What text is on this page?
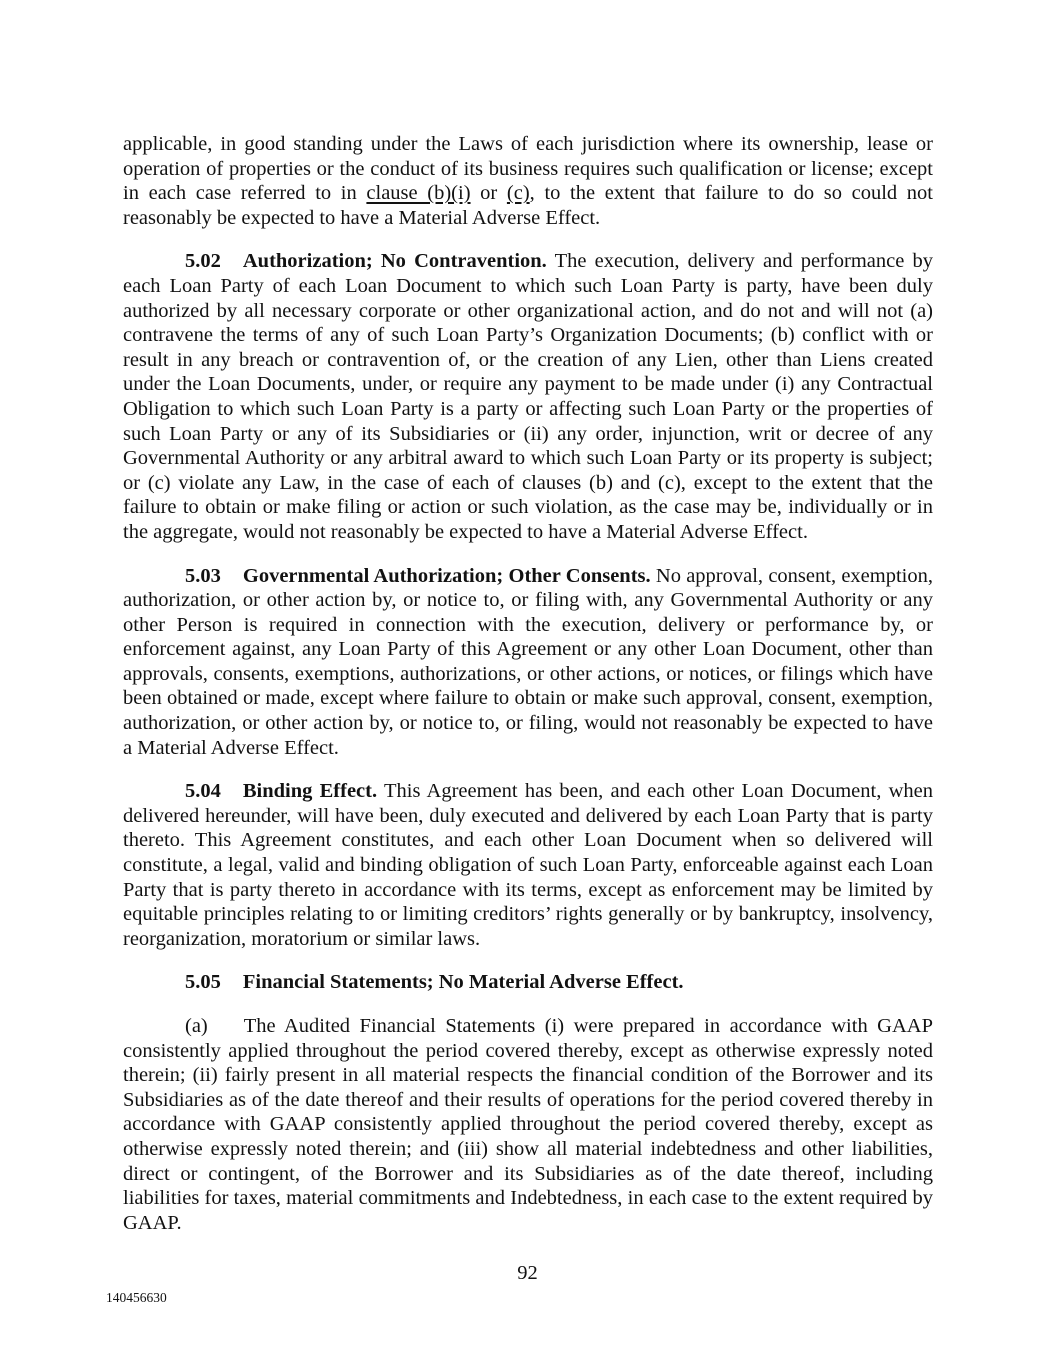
applicable, in good standing under the Laws of each jurisdiction where its ownership, lease or operation of properties or the conduct of its business requires such qualification or license; except in each case referred to in clause (b)(i) or (c), to the extent that failure to do so could not reasonably be expected to have a Material Adverse Effect.

5.02 Authorization; No Contravention. The execution, delivery and performance by each Loan Party of each Loan Document to which such Loan Party is party, have been duly authorized by all necessary corporate or other organizational action, and do not and will not (a) contravene the terms of any of such Loan Party’s Organization Documents; (b) conflict with or result in any breach or contravention of, or the creation of any Lien, other than Liens created under the Loan Documents, under, or require any payment to be made under (i) any Contractual Obligation to which such Loan Party is a party or affecting such Loan Party or the properties of such Loan Party or any of its Subsidiaries or (ii) any order, injunction, writ or decree of any Governmental Authority or any arbitral award to which such Loan Party or its property is subject; or (c) violate any Law, in the case of each of clauses (b) and (c), except to the extent that the failure to obtain or make filing or action or such violation, as the case may be, individually or in the aggregate, would not reasonably be expected to have a Material Adverse Effect.

5.03 Governmental Authorization; Other Consents. No approval, consent, exemption, authorization, or other action by, or notice to, or filing with, any Governmental Authority or any other Person is required in connection with the execution, delivery or performance by, or enforcement against, any Loan Party of this Agreement or any other Loan Document, other than approvals, consents, exemptions, authorizations, or other actions, or notices, or filings which have been obtained or made, except where failure to obtain or make such approval, consent, exemption, authorization, or other action by, or notice to, or filing, would not reasonably be expected to have a Material Adverse Effect.

5.04 Binding Effect. This Agreement has been, and each other Loan Document, when delivered hereunder, will have been, duly executed and delivered by each Loan Party that is party thereto. This Agreement constitutes, and each other Loan Document when so delivered will constitute, a legal, valid and binding obligation of such Loan Party, enforceable against each Loan Party that is party thereto in accordance with its terms, except as enforcement may be limited by equitable principles relating to or limiting creditors’ rights generally or by bankruptcy, insolvency, reorganization, moratorium or similar laws.

5.05 Financial Statements; No Material Adverse Effect.

(a) The Audited Financial Statements (i) were prepared in accordance with GAAP consistently applied throughout the period covered thereby, except as otherwise expressly noted therein; (ii) fairly present in all material respects the financial condition of the Borrower and its Subsidiaries as of the date thereof and their results of operations for the period covered thereby in accordance with GAAP consistently applied throughout the period covered thereby, except as otherwise expressly noted therein; and (iii) show all material indebtedness and other liabilities, direct or contingent, of the Borrower and its Subsidiaries as of the date thereof, including liabilities for taxes, material commitments and Indebtedness, in each case to the extent required by GAAP.

92
140456630
